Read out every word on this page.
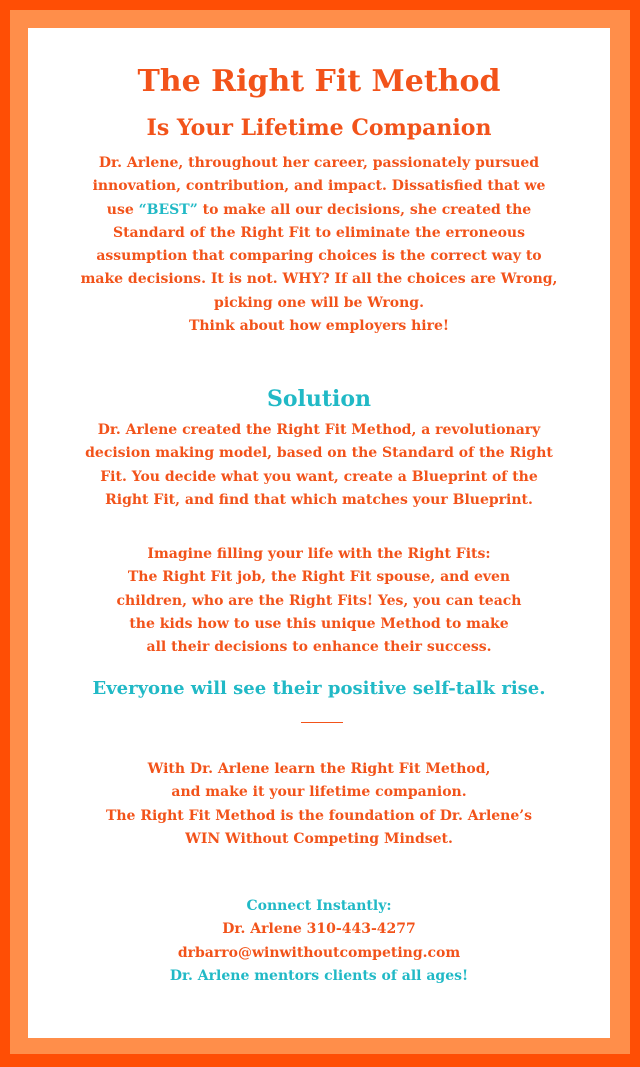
The Right Fit Method
Is Your Lifetime Companion
Dr. Arlene, throughout her career, passionately pursued
innovation, contribution, and impact. Dissatisfied that we
use “BEST” to make all our decisions, she created the
Standard of the Right Fit to eliminate the erroneous
assumption that comparing choices is the correct way to
make decisions. It is not. WHY? If all the choices are Wrong,
picking one will be Wrong.
Think about how employers hire!
Solution
Dr. Arlene created the Right Fit Method, a revolutionary
decision making model, based on the Standard of the Right
Fit. You decide what you want, create a Blueprint of the
Right Fit, and find that which matches your Blueprint.
Imagine filling your life with the Right Fits:
The Right Fit job, the Right Fit spouse, and even
children, who are the Right Fits! Yes, you can teach
the kids how to use this unique Method to make
all their decisions to enhance their success.
Everyone will see their positive self-talk rise.
With Dr. Arlene learn the Right Fit Method,
and make it your lifetime companion.
The Right Fit Method is the foundation of Dr. Arlene’s
WIN Without Competing Mindset.
Connect Instantly:
Dr. Arlene 310-443-4277
drbarro@winwithoutcompeting.com
Dr. Arlene mentors clients of all ages!
